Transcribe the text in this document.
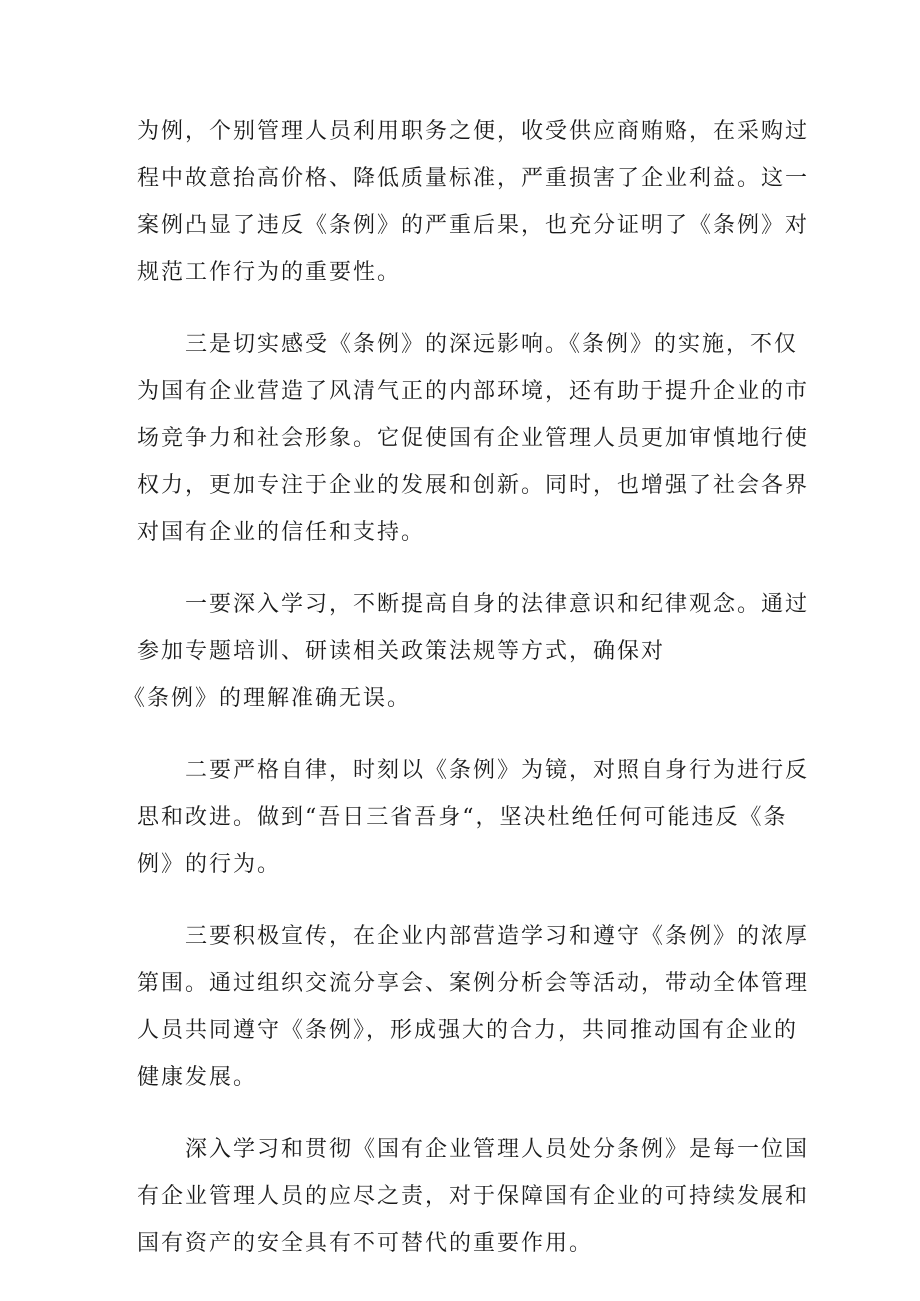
为例，个别管理人员利用职务之便，收受供应商贿赂，在采购过
程中故意抬高价格、降低质量标准，严重损害了企业利益。这一
案例凸显了违反《条例》的严重后果，也充分证明了《条例》对
规范工作行为的重要性。

三是切实感受《条例》的深远影响。《条例》的实施，不仅
为国有企业营造了风清气正的内部环境，还有助于提升企业的市
场竞争力和社会形象。它促使国有企业管理人员更加审慎地行使
权力，更加专注于企业的发展和创新。同时，也增强了社会各界
对国有企业的信任和支持。

一要深入学习，不断提高自身的法律意识和纪律观念。通过
参加专题培训、研读相关政策法规等方式，确保对
《条例》的理解准确无误。

二要严格自律，时刻以《条例》为镜，对照自身行为进行反
思和改进。做到“吾日三省吾身“，坚决杜绝任何可能违反《条
例》的行为。

三要积极宣传，在企业内部营造学习和遵守《条例》的浓厚
第围。通过组织交流分享会、案例分析会等活动，带动全体管理
人员共同遵守《条例》，形成强大的合力，共同推动国有企业的
健康发展。

深入学习和贯彻《国有企业管理人员处分条例》是每一位国
有企业管理人员的应尽之责，对于保障国有企业的可持续发展和
国有资产的安全具有不可替代的重要作用。
